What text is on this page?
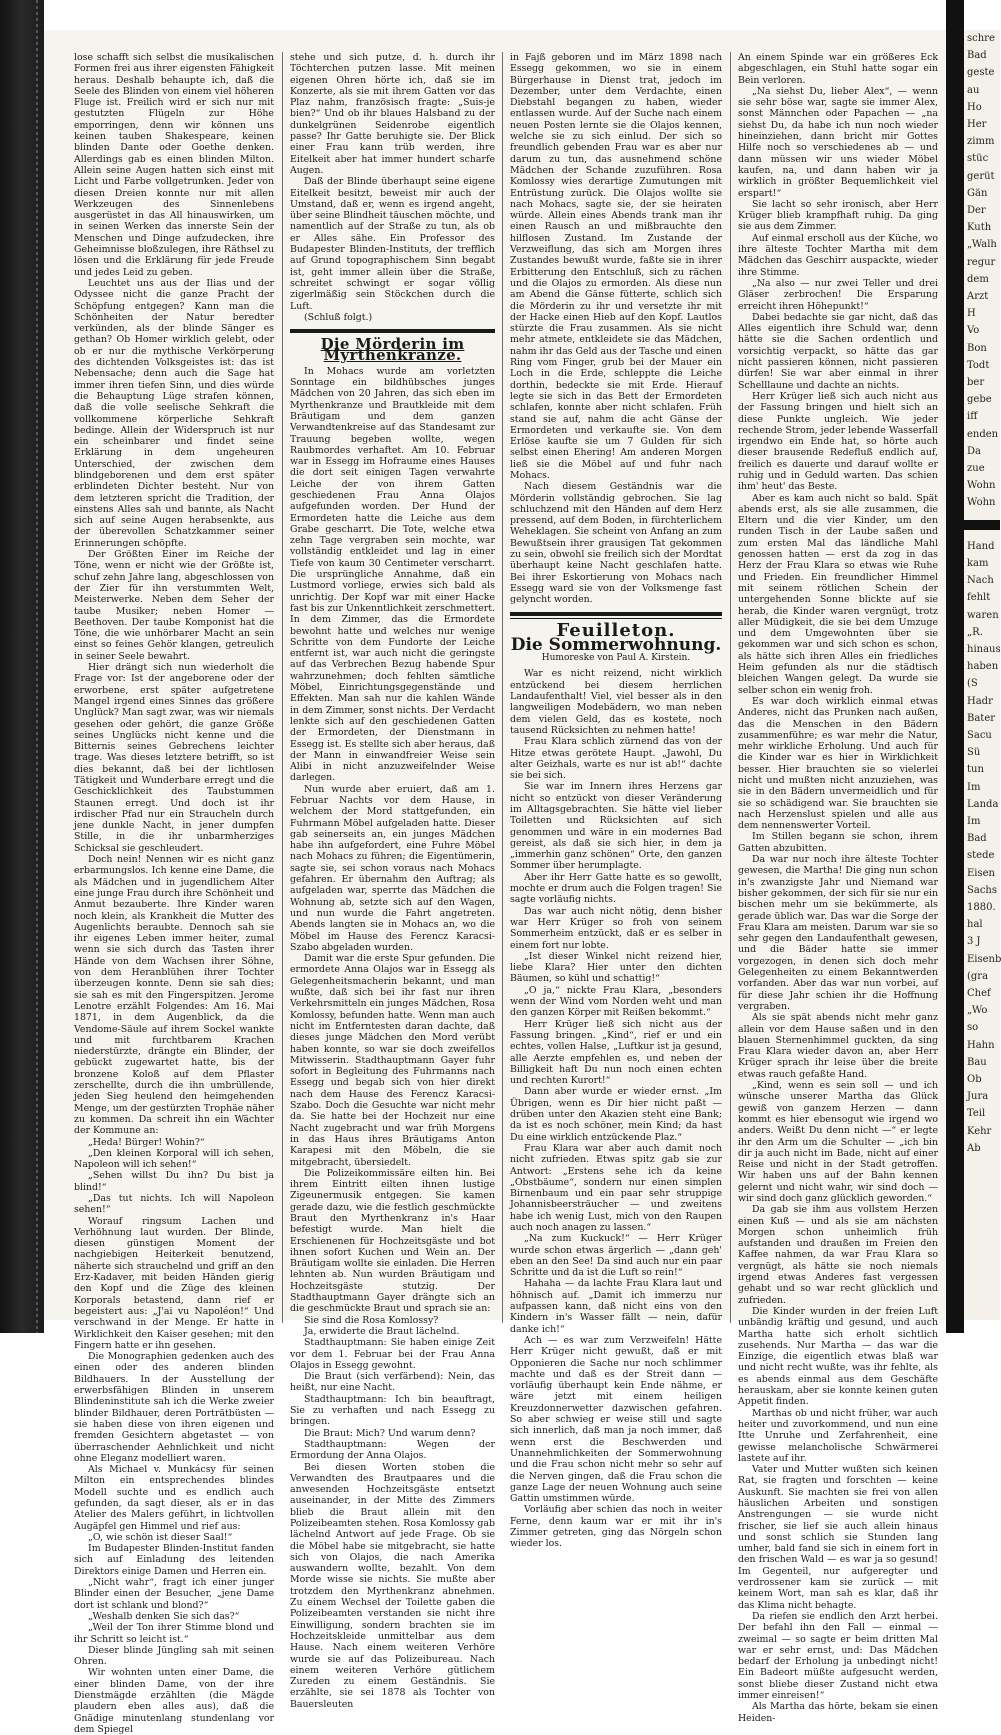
lose schafft sich selbst die musikalischen Formen frei aus ihrer eigensten Fähigkeit heraus. Deshalb behaupte ich, daß die Seele des Blinden von einem viel höheren Fluge ist. Freilich wird er sich nur mit gestutzten Flügeln zur Höhe emporringen, denn wir können uns keinen tauben Shakespeare, keinen blinden Dante oder Goethe denken. Allerdings gab es einen blinden Milton. Allein seine Augen hatten sich einst mit Licht und Farbe vollgetrunken. Jeder von diesen Dreien konnte nur mit allen Werkzeugen des Sinnenlebens ausgerüstet in das All hinauswirken, um in seinen Werken das innerste Sein der Menschen und Dinge aufzudecken, ihre Geheimnisse bloßzulegen, ihre Räthsel zu lösen und die Erklärung für jede Freude und jedes Leid zu geben.

Leuchtet uns aus der Ilias und der Odyssee nicht die ganze Pracht der Schöpfung entgegen? Kann man die Schönheiten der Natur beredter verkünden, als der blinde Sänger es gethan? Ob Homer wirklich gelebt, oder ob er nur die mythische Verkörperung des dichtenden Volksgeistes ist: das ist Nebensache; denn auch die Sage hat immer ihren tiefen Sinn, und dies würde die Behauptung Lüge strafen können, daß die volle seelische Sehkraft die vollkommene körperliche Sehkraft bedinge. Allein der Widerspruch ist nur ein scheinbarer und findet seine Erklärung in dem ungeheuren Unterschied, der zwischen dem blindgeborenen und dem erst später erblindeten Dichter besteht. Nur von dem letzteren spricht die Tradition, der einstens Alles sah und bannte, als Nacht sich auf seine Augen herabsenkte, aus der überevollen Schatzkammer seiner Erinnerungen schöpfte.

Der Größten Einer im Reiche der Töne, wenn er nicht wie der Größte ist, schuf zehn Jahre lang, abgeschlossen von der Zier für ihn verstummten Welt, Meisterwerke. Neben dem Seher der taube Musiker; neben Homer — Beethoven. Der taube Komponist hat die Töne, die wie unhörbarer Macht an sein einst so feines Gehör klangen, getreulich in seiner Seele bewahrt.

Hier drängt sich nun wiederholt die Frage vor: Ist der angeborene oder der erworbene, erst später aufgetretene Mangel irgend eines Sinnes das größere Unglück? Man sagt zwar, was wir niemals gesehen oder gehört, die ganze Größe seines Unglücks nicht kenne und die Bitternis seines Gebrechens leichter trage. Was dieses letztere betrifft, so ist dies bekannt, daß bei der lichtlosen Tätigkeit und Wunderbare erregt und die Geschicklichkeit des Taubstummen Staunen erregt. Und doch ist ihr irdischer Pfad nur ein Straucheln durch jene dunkle Nacht, in jener dumpfen Stille, in die ihr unbarmherziges Schicksal sie geschleudert.

Doch nein! Nennen wir es nicht ganz erbarmungslos. Ich kenne eine Dame, die als Mädchen und in jugendlichem Alter eine junge Frau durch ihre Schönheit und Anmut bezauberte. Ihre Kinder waren noch klein, als Krankheit die Mutter des Augenlichts beraubte. Dennoch sah sie ihr eigenes Leben immer heiter, zumal wenn sie sich durch das Tasten ihrer Hände von dem Wachsen ihrer Söhne, von dem Heranblühen ihrer Tochter überzeugen konnte. Denn sie sah dies; sie sah es mit den Fingerspitzen. Jerome Lenotre erzählt Folgendes: Am 16. Mai 1871, in dem Augenblick, da die Vendome-Säule auf ihrem Sockel wankte und mit furchtbarem Krachen niederstürzte, drängte ein Blinder, der gebückt zugewartet hatte, bis der bronzene Koloß auf dem Pflaster zerschellte, durch die ihn umbrüllende, jeden Sieg heulend den heimgehenden Menge, um der gestürzten Trophäe näher zu kommen. Da schreit ihn ein Wächter der Kommune an:

„Heda! Bürger! Wohin?“

„Den kleinen Korporal will ich sehen, Napoleon will ich sehen!“

„Sehen willst Du ihn? Du bist ja blind!“

„Das tut nichts. Ich will Napoleon sehen!“

Worauf ringsum Lachen und Verhöhnung laut wurden. Der Blinde, diesen günstigen Moment der nachgiebigen Heiterkeit benutzend, näherte sich strauchelnd und griff an den Erz-Kadaver, mit beiden Händen gierig den Kopf und die Züge des kleinen Korporals betastend, dann rief er begeistert aus: „J'ai vu Napoléon!“ Und verschwand in der Menge. Er hatte in Wirklichkeit den Kaiser gesehen; mit den Fingern hatte er ihn gesehen.

Die Monographien gedenken auch des einen oder des anderen blinden Bildhauers. In der Ausstellung der erwerbsfähigen Blinden in unserem Blindeninstitute sah ich die Werke zweier blinder Bildhauer, deren Porträtbüsten — sie haben diese von ihren eigenen und fremden Gesichtern abgetastet — von überraschender Aehnlichkeit und nicht ohne Eleganz modelliert waren.

Als Michael v. Munkácsy für seinen Milton ein entsprechendes blindes Modell suchte und es endlich auch gefunden, da sagt dieser, als er in das Atelier des Malers geführt, in lichtvollen Augäpfel gen Himmel und rief aus:

„O, wie schön ist dieser Saal!“

Im Budapester Blinden-Institut fanden sich auf Einladung des leitenden Direktors einige Damen und Herren ein.

„Nicht wahr“, fragt ich einer junger Blinder einen der Besucher, „jene Dame dort ist schlank und blond?“

„Weshalb denken Sie sich das?“

„Weil der Ton ihrer Stimme blond und ihr Schritt so leicht ist.“

Dieser blinde Jüngling sah mit seinen Ohren.

Wir wohnten unten einer Dame, die einer blinden Dame, von der ihre Dienstmägde erzählten (die Mägde plaudern eben alles aus), daß die Gnädige minutenlang stundenlang vor dem Spiegel

stehe und sich putze, d. h. durch ihr Töchterchen putzen lasse. Mit meinen eigenen Ohren hörte ich, daß sie im Konzerte, als sie mit ihrem Gatten vor das Plaz nahm, französisch fragte: „Suis-je bien?“ Und ob ihr blaues Halsband zu der dunkelgrünen Seidenrobe eigentlich passe? Ihr Gatte beruhigte sie. Der Blick einer Frau kann trüb werden, ihre Eitelkeit aber hat immer hundert scharfe Augen.

Daß der Blinde überhaupt seine eigene Eitelkeit besitzt, beweist mir auch der Umstand, daß er, wenn es irgend angeht, über seine Blindheit täuschen möchte, und namentlich auf der Straße zu tun, als ob er Alles sähe. Ein Professor des Budapester Blinden-Instituts, der trefflich auf Grund topographischem Sinn begabt ist, geht immer allein über die Straße, schreitet schwingt er sogar völlig zigerlmäßig sein Stöckchen durch die Luft.

(Schluß folgt.)

Die Mörderin im Myrthenkranze.

In Mohacs wurde am vorletzten Sonntage ein bildhübsches junges Mädchen von 20 Jahren, das sich eben im Myrthenkranze und Brautkleide mit dem Bräutigam und dem ganzen Verwandtenkreise auf das Standesamt zur Trauung begeben wollte, wegen Raubmordes verhaftet. Am 10. Februar war in Essegg im Hofraume eines Hauses die dort seit einigen Tagen verwahrte Leiche der von ihrem Gatten geschiedenen Frau Anna Olajos aufgefunden worden. Der Hund der Ermordeten hatte die Leiche aus dem Grabe gescharrt. Die Tote, welche etwa zehn Tage vergraben sein mochte, war vollständig entkleidet und lag in einer Tiefe von kaum 30 Centimeter verscharrt. Die ursprüngliche Annahme, daß ein Lustmord vorliege, erwies sich bald als unrichtig. Der Kopf war mit einer Hacke fast bis zur Unkenntlichkeit zerschmettert. In dem Zimmer, das die Ermordete bewohnt hatte und welches nur wenige Schritte von dem Fundorte der Leiche entfernt ist, war auch nicht die geringste auf das Verbrechen Bezug habende Spur wahrzunehmen; doch fehlten sämtliche Möbel, Einrichtungsgegenstände und Effekten. Man sah nur die kahlen Wände in dem Zimmer, sonst nichts. Der Verdacht lenkte sich auf den geschiedenen Gatten der Ermordeten, der Dienstmann in Essegg ist. Es stellte sich aber heraus, daß der Mann in einwandfreier Weise sein Alibi in nicht anzuzweifelnder Weise darlegen.

Nun wurde aber eruiert, daß am 1. Februar Nachts vor dem Hause, in welchem der Mord stattgefunden, ein Fuhrmann Möbel aufgeladen hatte. Dieser gab seinerseits an, ein junges Mädchen habe ihn aufgefordert, eine Fuhre Möbel nach Mohacs zu führen; die Eigentümerin, sagte sie, sei schon voraus nach Mohacs gefahren. Er übernahm den Auftrag; als aufgeladen war, sperrte das Mädchen die Wohnung ab, setzte sich auf den Wagen, und nun wurde die Fahrt angetreten. Abends langten sie in Mohacs an, wo die Möbel im Hause des Ferencz Karacsi-Szabo abgeladen wurden.

Damit war die erste Spur gefunden. Die ermordete Anna Olajos war in Essegg als Gelegenheitsmacherin bekannt, und man wußte, daß sich bei ihr fast nur ihren Verkehrsmitteln ein junges Mädchen, Rosa Komlossy, befunden hatte. Wenn man auch nicht im Entferntesten daran dachte, daß dieses junge Mädchen den Mord verübt haben konnte, so war sie doch zweifellos Mitwisserin. Stadthauptmann Gayer fuhr sofort in Begleitung des Fuhrmanns nach Essegg und begab sich von hier direkt nach dem Hause des Ferencz Karacsi-Szabo. Doch die Gesuchte war nicht mehr da. Sie hatte bei der Hochzeit nur eine Nacht zugebracht und war früh Morgens in das Haus ihres Bräutigams Anton Karapesi mit den Möbeln, die sie mitgebracht, übersiedelt.

Die Polizeikommissäre eilten hin. Bei ihrem Eintritt eilten ihnen lustige Zigeunermusik entgegen. Sie kamen gerade dazu, wie die festlich geschmückte Braut den Myrthenkranz in's Haar befestigt wurde. Man hielt die Erschienenen für Hochzeitsgäste und bot ihnen sofort Kuchen und Wein an. Der Bräutigam wollte sie einladen. Die Herren lehnten ab. Nun wurden Bräutigam und Hochzeitsgäste stutzig. Der Stadthauptmann Gayer drängte sich an die geschmückte Braut und sprach sie an:

Sie sind die Rosa Komlossy?

Ja, erwiderte die Braut lächelnd.

Stadthauptmann: Sie haben einige Zeit vor dem 1. Februar bei der Frau Anna Olajos in Essegg gewohnt.

Die Braut (sich verfärbend): Nein, das heißt, nur eine Nacht.

Stadthauptmann: Ich bin beauftragt, Sie zu verhaften und nach Essegg zu bringen.

Die Braut: Mich? Und warum denn?

Stadthauptmann: Wegen der Ermordung der Anna Olajos.

Bei diesen Worten stoben die Verwandten des Brautpaares und die anwesenden Hochzeitsgäste entsetzt auseinander, in der Mitte des Zimmers blieb die Braut allein mit den Polizeibeamten stehen. Rosa Komlossy gab lächelnd Antwort auf jede Frage. Ob sie die Möbel habe sie mitgebracht, sie hatte sich von Olajos, die nach Amerika auswandern wollte, bezahlt. Von dem Morde wisse sie nichts. Sie mußte aber trotzdem den Myrthenkranz abnehmen. Zu einem Wechsel der Toilette gaben die Polizeibeamten verstanden sie nicht ihre Einwilligung, sondern brachten sie im Hochzeitskleide unmittelbar aus dem Hause. Nach einem weiteren Verhöre wurde sie auf das Polizeibureau. Nach einem weiteren Verhöre gütlichem Zureden zu einem Geständnis. Sie erzählte, sie sei 1878 als Tochter von Bauersleuten

in Fajß geboren und im März 1898 nach Essegg gekommen, wo sie in einem Bürgerhause in Dienst trat, jedoch im Dezember, unter dem Verdachte, einen Diebstahl begangen zu haben, wieder entlassen wurde. Auf der Suche nach einem neuen Posten lernte sie die Olajos kennen, welche sie zu sich einlud. Der sich so freundlich gebenden Frau war es aber nur darum zu tun, das ausnehmend schöne Mädchen der Schande zuzuführen. Rosa Komlossy wies derartige Zumutungen mit Entrüstung zurück. Die Olajos wollte sie nach Mohacs, sagte sie, der sie heiraten würde. Allein eines Abends trank man ihr einen Rausch an und mißbrauchte den hilflosen Zustand. Im Zustande der Verzweiflung, das sich am Morgen ihres Zustandes bewußt wurde, faßte sie in ihrer Erbitterung den Entschluß, sich zu rächen und die Olajos zu ermorden. Als diese nun am Abend die Gänse fütterte, schlich sich die Mörderin zu ihr und versetzte ihr mit der Hacke einen Hieb auf den Kopf. Lautlos stürzte die Frau zusammen. Als sie nicht mehr atmete, entkleidete sie das Mädchen, nahm ihr das Geld aus der Tasche und einen Ring vom Finger, grub bei der Mauer ein Loch in die Erde, schleppte die Leiche dorthin, bedeckte sie mit Erde. Hierauf legte sie sich in das Bett der Ermordeten schlafen, konnte aber nicht schlafen. Früh stand sie auf, nahm die acht Gänse der Ermordeten und verkaufte sie. Von dem Erlöse kaufte sie um 7 Gulden für sich selbst einen Ehering! Am anderen Morgen ließ sie die Möbel auf und fuhr nach Mohacs.

Nach diesem Geständnis war die Mörderin vollständig gebrochen. Sie lag schluchzend mit den Händen auf dem Herz pressend, auf dem Boden, in fürchterlichem Weheklagen. Sie scheint von Anfang an zum Bewußtsein ihrer grausigen Tat gekommen zu sein, obwohl sie freilich sich der Mordtat überhaupt keine Nacht geschlafen hatte. Bei ihrer Eskortierung von Mohacs nach Essegg ward sie von der Volksmenge fast gelyncht worden.

Feuilleton.
Die Sommerwohnung.
Humoreske von Paul A. Kirstein.

War es nicht reizend, nicht wirklich entzückend bei diesem herrlichen Landaufenthalt! Viel, viel besser als in den langweiligen Modebädern, wo man neben dem vielen Geld, das es kostete, noch tausend Rücksichten zu nehmen hatte!

Frau Klara schlich zürnend das von der Hitze etwas gerötete Haupt. „Jawohl, Du alter Geizhals, warte es nur ist ab!“ dachte sie bei sich.

Sie war im Innern ihres Herzens gar nicht so entzückt von dieser Veränderung im Alltagsgebrachten. Sie hätte viel lieber Toiletten und Rücksichten auf sich genommen und wäre in ein modernes Bad gereist, als daß sie sich hier, in dem ja „immerhin ganz schönen“ Orte, den ganzen Sommer über herumplagte.

Aber ihr Herr Gatte hatte es so gewollt, mochte er drum auch die Folgen tragen! Sie sagte vorläufig nichts.

Das war auch nicht nötig, denn bisher war Herr Krüger so froh von seinem Sommerheim entzückt, daß er es selber in einem fort nur lobte.

„Ist dieser Winkel nicht reizend hier, liebe Klara? Hier unter den dichten Bäumen, so kühl und schattig!“

„O ja,“ nickte Frau Klara, „besonders wenn der Wind vom Norden weht und man den ganzen Körper mit Reißen bekommt.“

Herr Krüger ließ sich nicht aus der Fassung bringen. „Kind“, rief er und ein echtes, vollen Halse, „Luftkur ist ja gesund, alle Aerzte empfehlen es, und neben der Billigkeit haft Du nun noch einen echten und rechten Kurort!“

Dann aber wurde er wieder ernst. „Im Übrigen, wenn es Dir hier nicht paßt — drüben unter den Akazien steht eine Bank; da ist es noch schöner, mein Kind; da hast Du eine wirklich entzückende Plaz.“

Frau Klara war aber auch damit noch nicht zufrieden. Etwas spitz gab sie zur Antwort: „Erstens sehe ich da keine „Obstbäume“, sondern nur einen simplen Birnenbaum und ein paar sehr struppige Johannisbeersträucher — und zweitens habe ich wenig Lust, mich von den Raupen auch noch anagen zu lassen.“

„Na zum Kuckuck!“ — Herr Krüger wurde schon etwas ärgerlich — „dann geh' eben an den See! Da sind auch nur ein paar Schritte und da ist die Luft so rein!“

Hahaha — da lachte Frau Klara laut und höhnisch auf. „Damit ich immerzu nur aufpassen kann, daß nicht eins von den Kindern in's Wasser fällt — nein, dafür danke ich!“

Ach — es war zum Verzweifeln! Hätte Herr Krüger nicht gewußt, daß er mit Opponieren die Sache nur noch schlimmer machte und daß es der Streit dann — vorläufig überhaupt kein Ende nähme, er wäre jetzt mit einem heiligen Kreuzdonnerwetter dazwischen gefahren. So aber schwieg er weise still und sagte sich innerlich, daß man ja noch immer, daß wenn erst die Beschwerden und Unannehmlichkeiten der Sommerwohnung und die Frau schon nicht mehr so sehr auf die Nerven gingen, daß die Frau schon die ganze Lage der neuen Wohnung auch seine Gattin umstimmen würde.

Vorläufig aber schien das noch in weiter Ferne, denn kaum war er mit ihr in's Zimmer getreten, ging das Nörgeln schon wieder los.

An einem Spinde war ein größeres Eck abgeschlagen, ein Stuhl hatte sogar ein Bein verloren.

„Na siehst Du, lieber Alex“, — wenn sie sehr böse war, sagte sie immer Alex, sonst Männchen oder Papachen — „na siehst Du, da habe ich nun noch wieder hineinziehen, dann bricht mir Gottes Hilfe noch so verschiedenes ab — und dann müssen wir uns wieder Möbel kaufen, na, und dann haben wir ja wirklich in größter Bequemlichkeit viel erspart!“

Sie lacht so sehr ironisch, aber Herr Krüger blieb krampfhaft ruhig. Da ging sie aus dem Zimmer.

Auf einmal erscholl aus der Küche, wo ihre älteste Tochter Martha mit dem Mädchen das Geschirr auspackte, wieder ihre Stimme.

„Na also — nur zwei Teller und drei Gläser zerbrochen! Die Ersparung erreicht ihren Höhepunkt!“

Dabei bedachte sie gar nicht, daß das Alles eigentlich ihre Schuld war, denn hätte sie die Sachen ordentlich und vorsichtig verpackt, so hätte das gar nicht passieren können, nicht passieren dürfen! Sie war aber einmal in ihrer Schelllaune und dachte an nichts.

Herr Krüger ließ sich auch nicht aus der Fassung bringen und hielt sich an diese Punkte ungleich. Wie jeder rechende Strom, jeder lebende Wasserfall irgendwo ein Ende hat, so hörte auch dieser brausende Redefluß endlich auf, freilich es dauerte und darauf wollte er ruhig und in Geduld warten. Das schien ihm' heut' das Beste.

Aber es kam auch nicht so bald. Spät abends erst, als sie alle zusammen, die Eltern und die vier Kinder, um den runden Tisch in der Laube saßen und zum ersten Mal das ländliche Mahl genossen hatten — erst da zog in das Herz der Frau Klara so etwas wie Ruhe und Frieden. Ein freundlicher Himmel mit seinem rötlichen Schein der untergehenden Sonne blickte auf sie herab, die Kinder waren vergnügt, trotz aller Müdigkeit, die sie bei dem Umzuge und dem Umgewohnten über sie gekommen war und sich schon es schon, als hätte sich ihren Alles ein friedliches Heim gefunden als nur die städtisch bleichen Wangen gelegt. Da wurde sie selber schon ein wenig froh.

Es war doch wirklich einmal etwas Anderes, nicht das Prunken nach außen, das die Menschen in den Bädern zusammenführe; es war mehr die Natur, mehr wirkliche Erholung. Und auch für die Kinder war es hier in Wirklichkeit besser. Hier brauchten sie so vielerlei nicht und mußten nicht anzuziehen, was sie in den Bädern unvermeidlich und für sie so schädigend war. Sie brauchten sie nach Herzenslust spielen und alle aus dem nennenswerter Vorteil.

Im Stillen begann sie schon, ihrem Gatten abzubitten.

Da war nur noch ihre älteste Tochter gewesen, die Martha! Die ging nun schon in's zwanzigste Jahr und Niemand war bisher gekommen, der sich für sie nur ein bischen mehr um sie bekümmerte, als gerade üblich war. Das war die Sorge der Frau Klara am meisten. Darum war sie so sehr gegen den Landaufenthalt gewesen, und die Bäder hatte sie immer vorgezogen, in denen sich doch mehr Gelegenheiten zu einem Bekanntwerden vorfanden. Aber das war nun vorbei, auf für diese Jahr schien ihr die Hoffnung vergraben.

Als sie spät abends nicht mehr ganz allein vor dem Hause saßen und in den blauen Sternenhimmel guckten, da sing Frau Klara wieder davon an, aber Herr Krüger sprach ihr leise über die breite etwas rauch gefaßte Hand.

„Kind, wenn es sein soll — und ich wünsche unserer Martha das Glück gewiß von ganzem Herzen — dann kommt es hier ebensogut wie irgend wo anders. Weißt Du denn nicht —“ er legte ihr den Arm um die Schulter — „ich bin dir ja auch nicht im Bade, nicht auf einer Reise und nicht in der Stadt getroffen. Wir haben uns auf der Bahn kennen gelernt und nicht wahr, wir sind doch — wir sind doch ganz glücklich geworden.“

Da gab sie ihm aus vollstem Herzen einen Kuß — und als sie am nächsten Morgen schon unheimlich früh aufstanden und draußen im Freien den Kaffee nahmen, da war Frau Klara so vergnügt, als hätte sie noch niemals irgend etwas Anderes fast vergessen gehabt und so war recht glücklich und zufrieden.

Die Kinder wurden in der freien Luft unbändig kräftig und gesund, und auch Martha hatte sich erholt sichtlich zusehends. Nur Martha — das war die Einzige, die eigentlich etwas blaß war und nicht recht wußte, was ihr fehlte, als es abends einmal aus dem Geschäfte herauskam, aber sie konnte keinen guten Appetit finden.

Marthas ob und nicht früher, war auch heiter und zuvorkommend, und nun eine Itte Unruhe und Zerfahrenheit, eine gewisse melancholische Schwärmerei lastete auf ihr.

Vater und Mutter wußten sich keinen Rat, sie fragten und forschten — keine Auskunft. Sie machten sie frei von allen häuslichen Arbeiten und sonstigen Anstrengungen — sie wurde nicht frischer, sie lief sie auch allein hinaus und sonst schlich sie Stunden lang umher, bald fand sie sich in einem fort in den frischen Wald — es war ja so gesund! Im Gegenteil, nur aufgeregter und verdrossener kam sie zurück — mit keinem Wort, man sah es klar, daß ihr das Klima nicht behagte.

Da riefen sie endlich den Arzt herbei. Der befahl ihn den Fall — einmal — zweimal — so sagte er beim dritten Mal war er sehr ernst, und: Das Mädchen bedarf der Erholung ja unbedingt nicht! Ein Badeort müßte aufgesucht werden, sonst bliebe dieser Zustand nicht etwa immer einreisen!“

Als Martha das hörte, bekam sie einen Heiden-

schre
Bad
geste
au
Ho
Her
zimm
stüc
gerüt
Gän
Der
Kuth
„Walh
regur
dem
Arzt
H
Vo
Bon
Todt
ber
gebe
iff
enden
Da
zue
Wohn
Wohn
Hand
kam
Nach
fehlt
waren
„R.
hinaus
haben
(S
Hadr
Bater
Sacu
Sü
tun
Im
Landa
Im
Bad
stede
Eisen
Sachs
1880.
hal
3 J
Eisenb
(gra
Chef
„Wo
so
Hahn
Bau
Ob
Jura
Teil
Kehr
Ab
